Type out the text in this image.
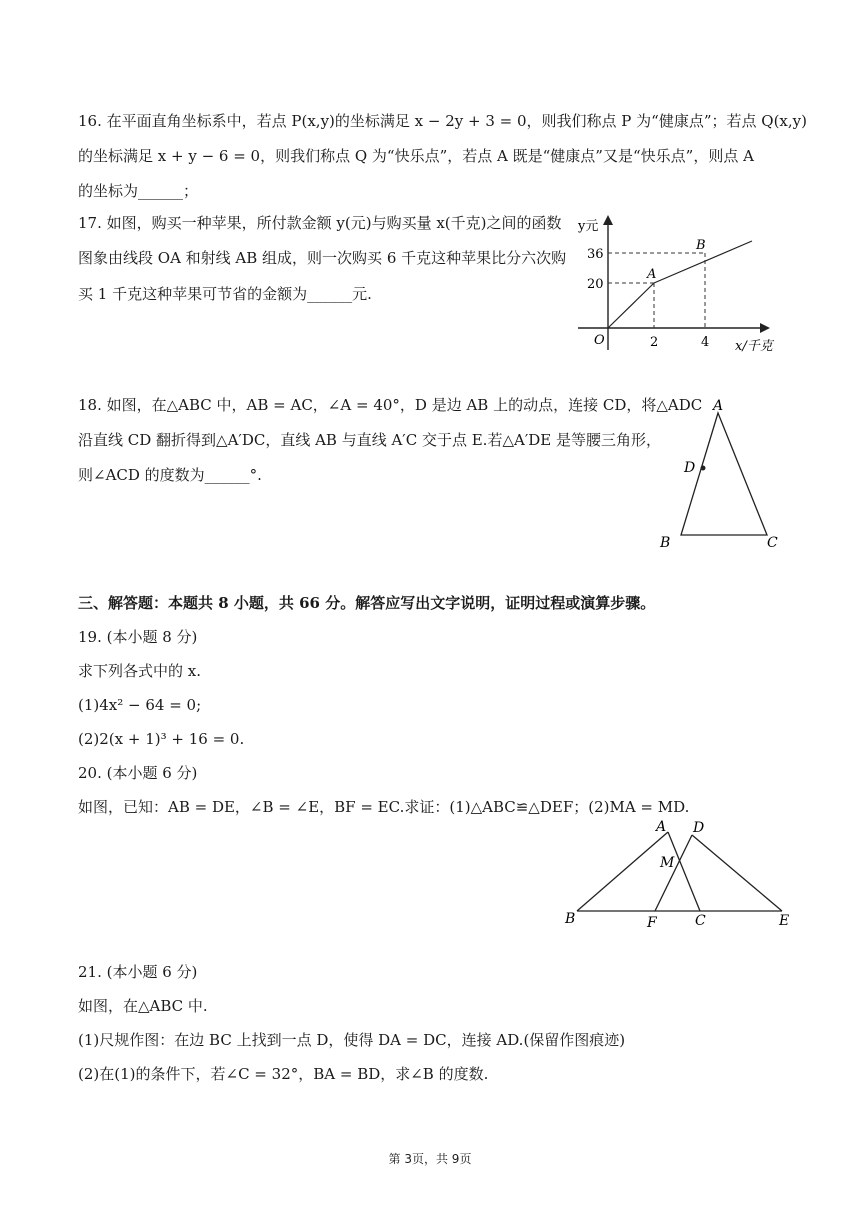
16. 在平面直角坐标系中，若点 P(x,y)的坐标满足 x − 2y + 3 = 0，则我们称点 P 为“健康点”；若点 Q(x,y)
的坐标满足 x + y − 6 = 0，则我们称点 Q 为“快乐点”，若点 A 既是“健康点”又是“快乐点”，则点 A
的坐标为______；
17. 如图，购买一种苹果，所付款金额 y(元)与购买量 x(千克)之间的函数
图象由线段 OA 和射线 AB 组成，则一次购买 6 千克这种苹果比分六次购
买 1 千克这种苹果可节省的金额为______元.
y元
36
20
O	2	4 x/千克
A
B
18. 如图，在△ABC 中，AB = AC，∠A = 40°，D 是边 AB 上的动点，连接 CD，将△ADC
沿直线 CD 翻折得到△A′DC，直线 AB 与直线 A′C 交于点 E.若△A′DE 是等腰三角形，
则∠ACD 的度数为______°.
A
B	C
D
三、解答题：本题共 8 小题，共 66 分。解答应写出文字说明，证明过程或演算步骤。
19. (本小题 8 分)
求下列各式中的 x.
(1)4x² − 64 = 0;
(2)2(x + 1)³ + 16 = 0.
20. (本小题 6 分)
如图，已知：AB = DE，∠B = ∠E，BF = EC.求证：(1)△ABC≌△DEF；(2)MA = MD.
A D
M
B	F	C	E
21. (本小题 6 分)
如图，在△ABC 中.
(1)尺规作图：在边 BC 上找到一点 D，使得 DA = DC，连接 AD.(保留作图痕迹)
(2)在(1)的条件下，若∠C = 32°，BA = BD，求∠B 的度数.
第 3页，共 9页
